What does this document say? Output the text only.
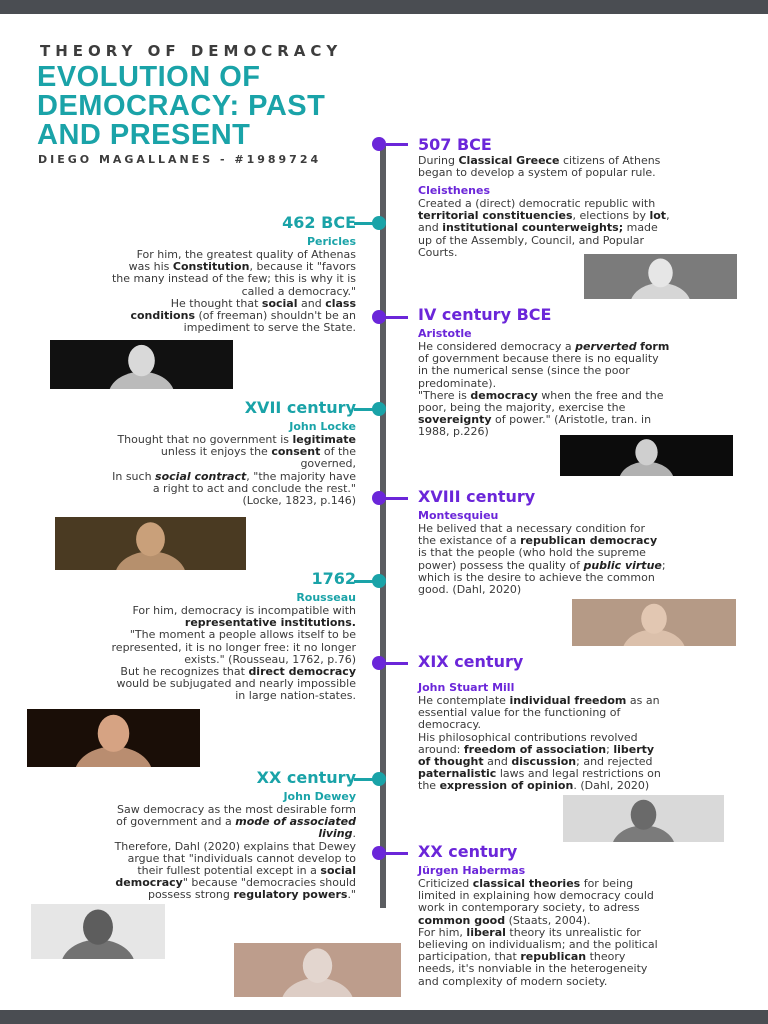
THEORY OF DEMOCRACY
EVOLUTION OF DEMOCRACY: PAST AND PRESENT
DIEGO MAGALLANES - #1989724
507 BCE
During Classical Greece citizens of Athens
began to develop a system of popular rule.
Cleisthenes
Created a (direct) democratic republic with
territorial constituencies, elections by lot,
and institutional counterweights; made
up of the Assembly, Council, and Popular
Courts.
462 BCE
Pericles
For him, the greatest quality of Athenas
was his Constitution, because it "favors
the many instead of the few; this is why it is
called a democracy."
He thought that social and class
conditions (of freeman) shouldn't be an
impediment to serve the State.
IV century BCE
Aristotle
He considered democracy a perverted form
of government because there is no equality
in the numerical sense (since the poor
predominate).
"There is democracy when the free and the
poor, being the majority, exercise the
sovereignty of power." (Aristotle, tran. in
1988, p.226)
XVII century
John Locke
Thought that no government is legitimate
unless it enjoys the consent of the
governed,
In such social contract, "the majority have
a right to act and conclude the rest."
(Locke, 1823, p.146)	XVIII century
Montesquieu
He belived that a necessary condition for
the existance of a republican democracy
is that the people (who hold the supreme
power) possess the quality of public virtue;
which is the desire to achieve the common
good. (Dahl, 2020)
1762
Rousseau
For him, democracy is incompatible with
representative institutions.
"The moment a people allows itself to be
represented, it is no longer free: it no longer
exists." (Rousseau, 1762, p.76)
But he recognizes that direct democracy
would be subjugated and nearly impossible
in large nation-states.
XIX century
John Stuart Mill
He contemplate individual freedom as an
essential value for the functioning of
democracy.
His philosophical contributions revolved
around: freedom of association; liberty
of thought and discussion; and rejected
paternalistic laws and legal restrictions on
the expression of opinion. (Dahl, 2020)
XX century
John Dewey
Saw democracy as the most desirable form
of government and a mode of associated
living.
Therefore, Dahl (2020) explains that Dewey
argue that "individuals cannot develop to
their fullest potential except in a social
democracy" because "democracies should
possess strong regulatory powers."
XX century
Jürgen Habermas
Criticized classical theories for being
limited in explaining how democracy could
work in contemporary society, to adress
common good (Staats, 2004).
For him, liberal theory its unrealistic for
believing on individualism; and the political
participation, that republican theory
needs, it's nonviable in the heterogeneity
and complexity of modern society.
